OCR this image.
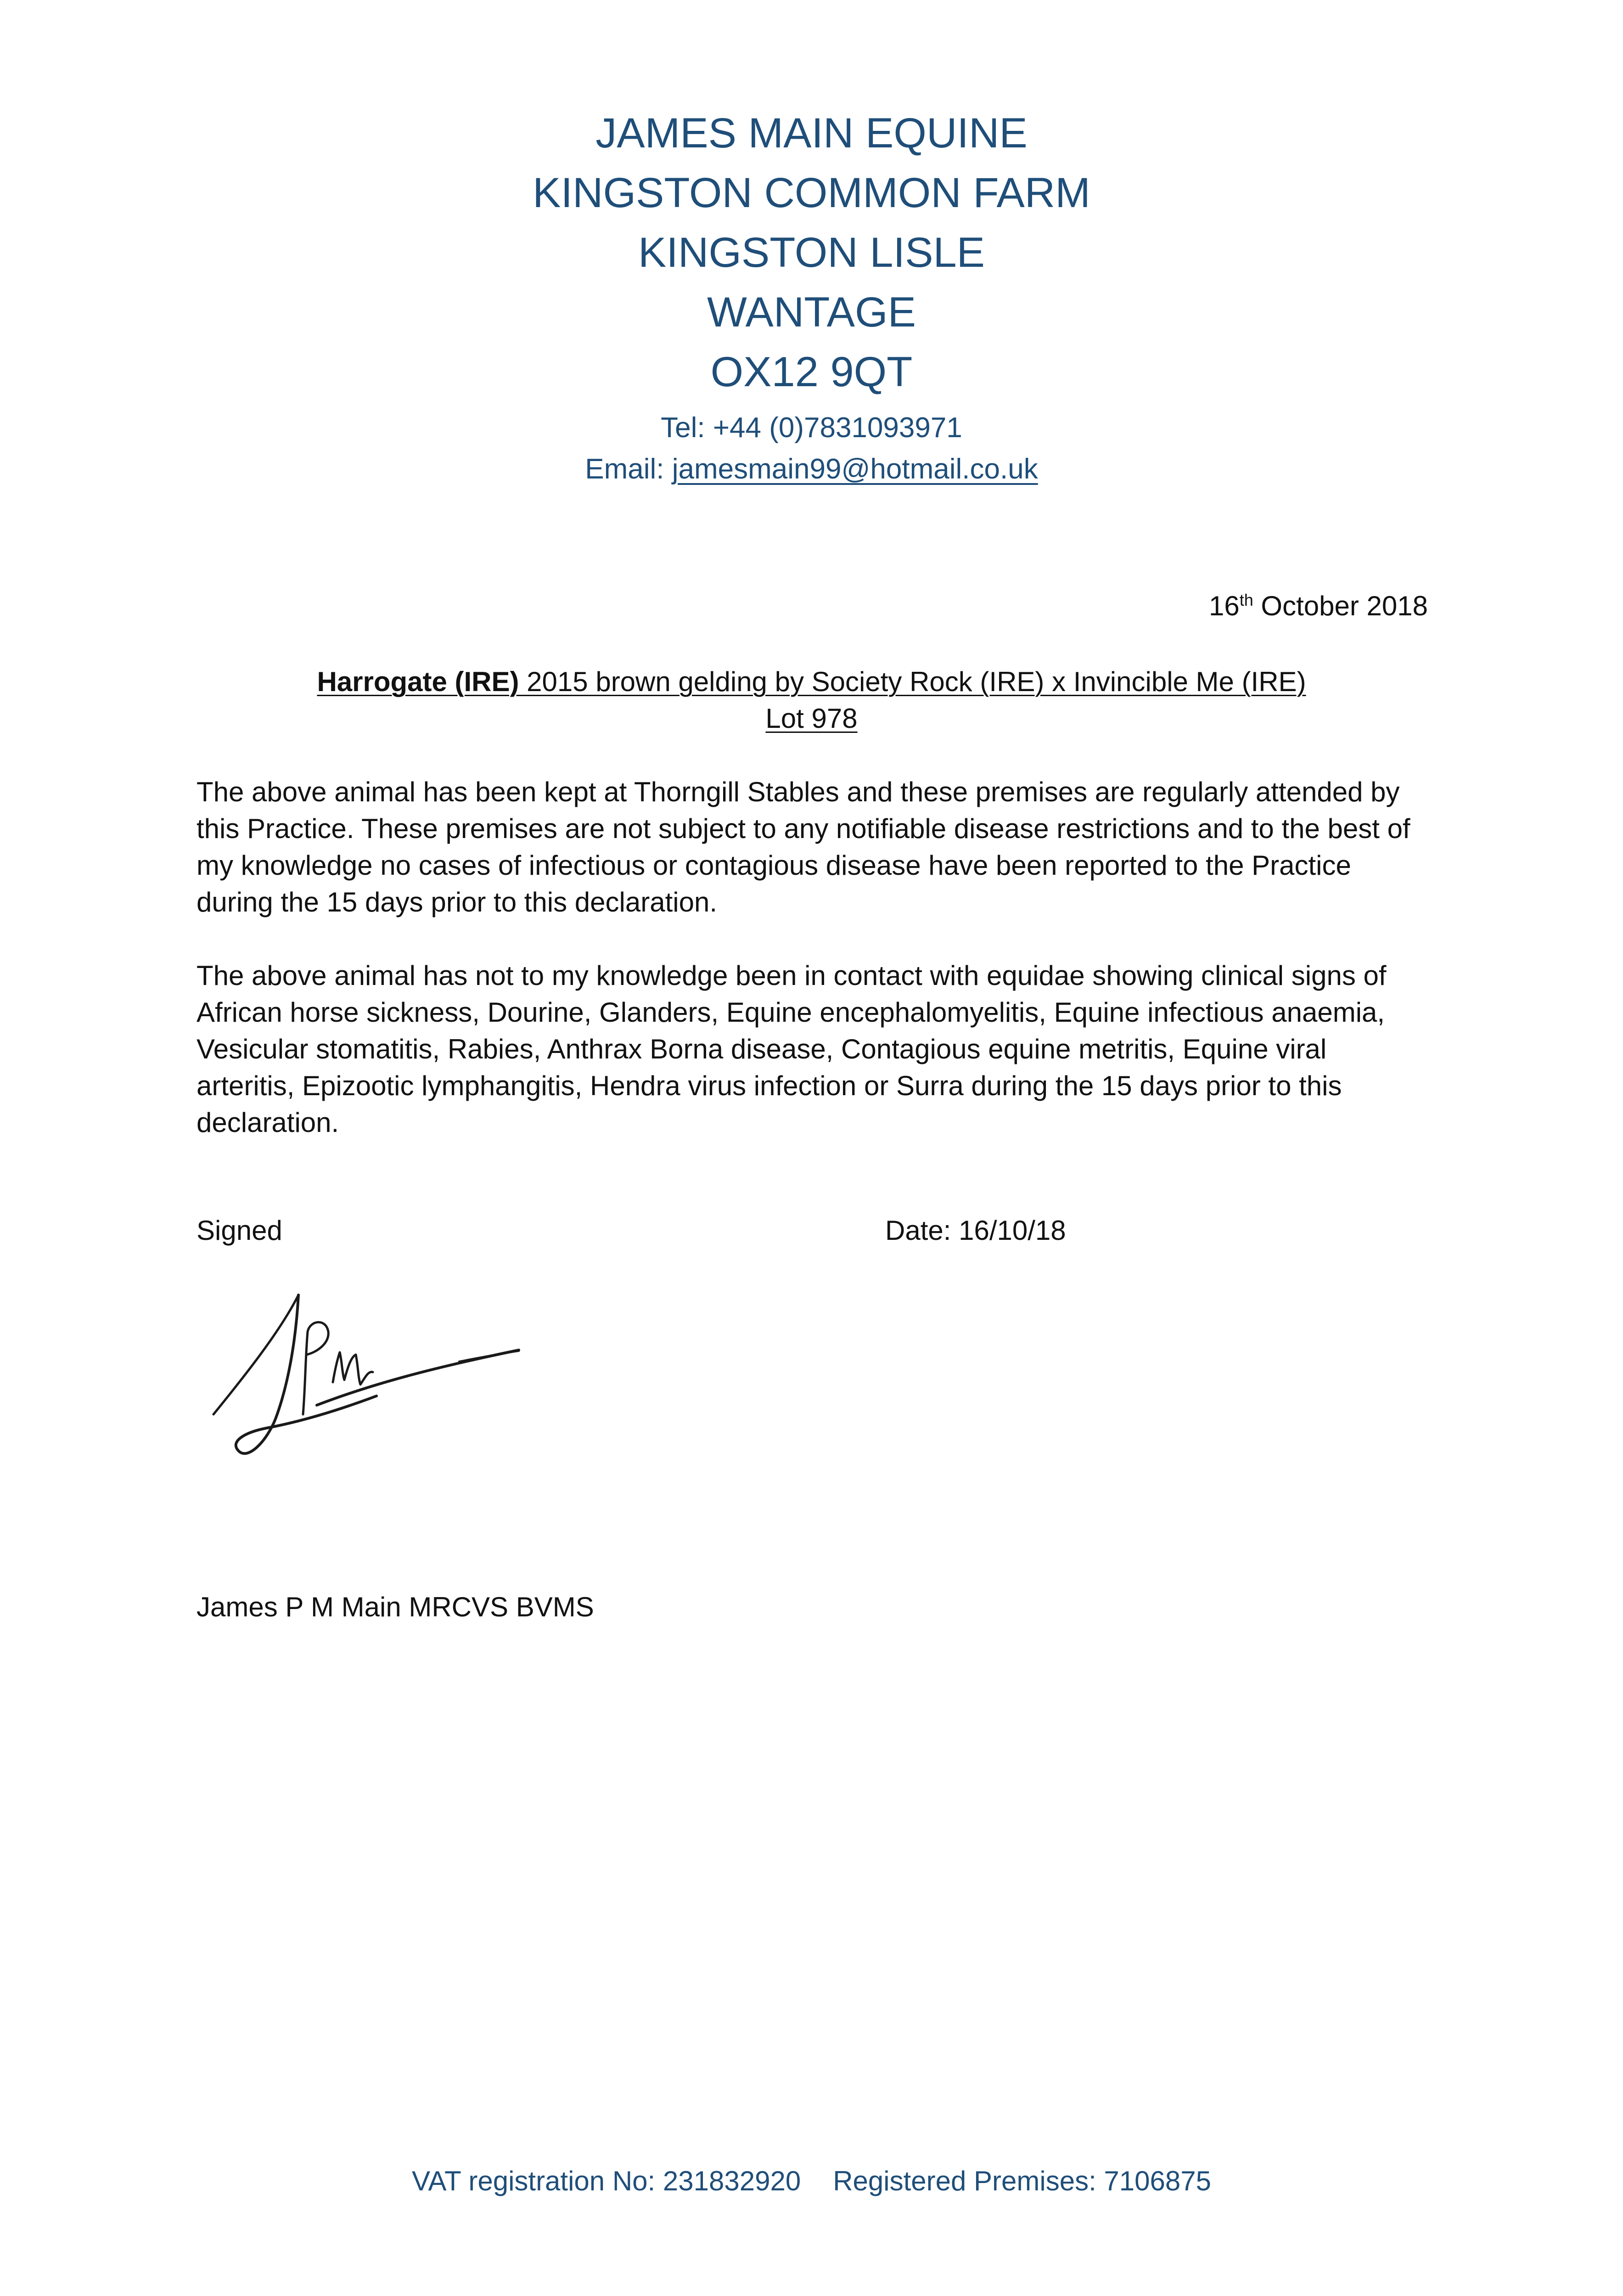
JAMES MAIN EQUINE
KINGSTON COMMON FARM
KINGSTON LISLE
WANTAGE
OX12 9QT
Tel: +44 (0)7831093971
Email: jamesmain99@hotmail.co.uk
16th October 2018
Harrogate (IRE) 2015 brown gelding by Society Rock (IRE) x Invincible Me (IRE)
Lot 978
The above animal has been kept at Thorngill Stables and these premises are regularly attended by
this Practice. These premises are not subject to any notifiable disease restrictions and to the best of
my knowledge no cases of infectious or contagious disease have been reported to the Practice
during the 15 days prior to this declaration.
The above animal has not to my knowledge been in contact with equidae showing clinical signs of
African horse sickness, Dourine, Glanders, Equine encephalomyelitis, Equine infectious anaemia,
Vesicular stomatitis, Rabies, Anthrax Borna disease, Contagious equine metritis, Equine viral
arteritis, Epizootic lymphangitis, Hendra virus infection or Surra during the 15 days prior to this
declaration.
Signed	Date: 16/10/18
James P M Main MRCVS BVMS
VAT registration No: 231832920 Registered Premises: 7106875
